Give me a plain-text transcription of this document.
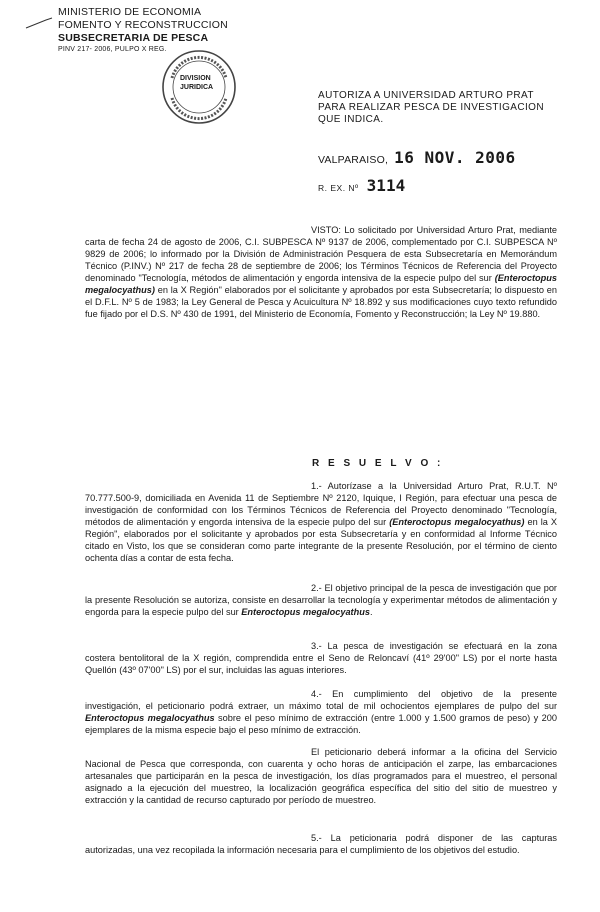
MINISTERIO DE ECONOMIA
FOMENTO Y RECONSTRUCCION
SUBSECRETARIA DE PESCA
PINV 217- 2006, PULPO X REG.
DIVISION
JURIDICA
AUTORIZA A UNIVERSIDAD ARTURO PRAT
PARA REALIZAR PESCA DE INVESTIGACION
QUE INDICA.
VALPARAISO, 16 NOV. 2006
R. EX. Nº 3114

VISTO: Lo solicitado por Universidad Arturo Prat, mediante carta de fecha 24 de agosto de 2006, C.I. SUBPESCA Nº 9137 de 2006, complementado por C.I. SUBPESCA Nº 9829 de 2006; lo informado por la División de Administración Pesquera de esta Subsecretaría en Memorándum Técnico (P.INV.) Nº 217 de fecha 28 de septiembre de 2006; los Términos Técnicos de Referencia del Proyecto denominado "Tecnología, métodos de alimentación y engorda intensiva de la especie pulpo del sur (Enteroctopus megalocyathus) en la X Región" elaborados por el solicitante y aprobados por esta Subsecretaría; lo dispuesto en el D.F.L. Nº 5 de 1983; la Ley General de Pesca y Acuicultura Nº 18.892 y sus modificaciones cuyo texto refundido fue fijado por el D.S. Nº 430 de 1991, del Ministerio de Economía, Fomento y Reconstrucción; la Ley Nº 19.880.

R E S U E L V O :

1.- Autorízase a la Universidad Arturo Prat, R.U.T. Nº 70.777.500-9, domiciliada en Avenida 11 de Septiembre Nº 2120, Iquique, I Región, para efectuar una pesca de investigación de conformidad con los Términos Técnicos de Referencia del Proyecto denominado "Tecnología, métodos de alimentación y engorda intensiva de la especie pulpo del sur (Enteroctopus megalocyathus) en la X Región", elaborados por el solicitante y aprobados por esta Subsecretaría y en conformidad al Informe Técnico citado en Visto, los que se consideran como parte integrante de la presente Resolución, por el término de ciento ochenta días a contar de esta fecha.

2.- El objetivo principal de la pesca de investigación que por la presente Resolución se autoriza, consiste en desarrollar la tecnología y experimentar métodos de alimentación y engorda para la especie pulpo del sur Enteroctopus megalocyathus.

3.- La pesca de investigación se efectuará en la zona costera bentolitoral de la X región, comprendida entre el Seno de Reloncaví (41º 29'00" LS) por el norte hasta Quellón (43º 07'00" LS) por el sur, incluidas las aguas interiores.

4.- En cumplimiento del objetivo de la presente investigación, el peticionario podrá extraer, un máximo total de mil ochocientos ejemplares de pulpo del sur Enteroctopus megalocyathus sobre el peso mínimo de extracción (entre 1.000 y 1.500 gramos de peso) y 200 ejemplares de la misma especie bajo el peso mínimo de extracción.

El peticionario deberá informar a la oficina del Servicio Nacional de Pesca que corresponda, con cuarenta y ocho horas de anticipación el zarpe, las embarcaciones artesanales que participarán en la pesca de investigación, los días programados para el muestreo, el personal asignado a la ejecución del muestreo, la localización geográfica específica del sitio del sitio de muestreo y extracción y la cantidad de recurso capturado por período de muestreo.

5.- La peticionaria podrá disponer de las capturas autorizadas, una vez recopilada la información necesaria para el cumplimiento de los objetivos del estudio.
